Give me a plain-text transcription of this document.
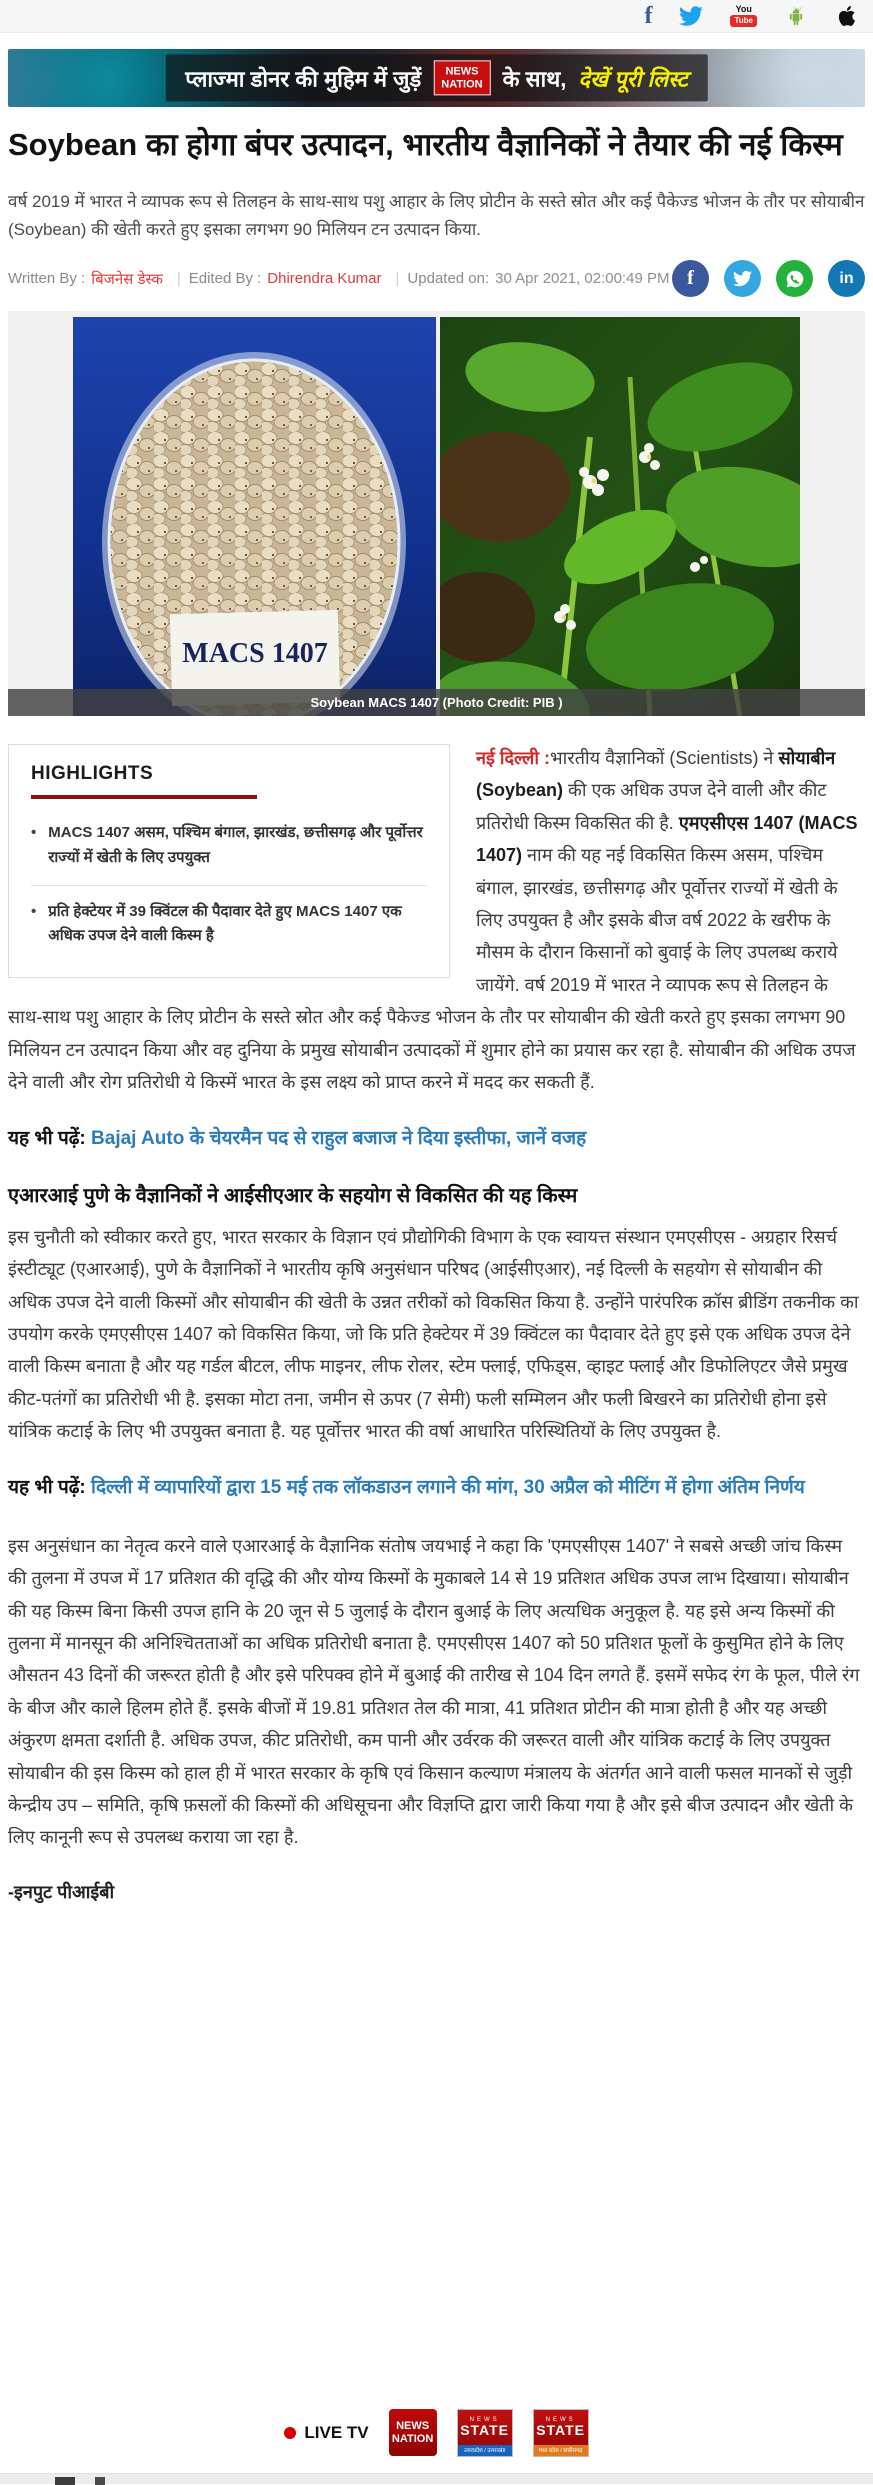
f	You
Tube
प्लाज्मा डोनर की मुहिम में जुड़ें	NEWS
NATION के साथ, देखें पूरी लिस्ट
Soybean का होगा बंपर उत्पादन, भारतीय वैज्ञानिकों ने तैयार की नई किस्म

वर्ष 2019 में भारत ने व्यापक रूप से तिलहन के साथ-साथ पशु आहार के लिए प्रोटीन के सस्ते स्रोत और कई पैकेज्ड भोजन के तौर पर सोयाबीन (Soybean) की खेती करते हुए इसका लगभग 90 मिलियन टन उत्पादन किया.

Written By : बिजनेस डेस्क | Edited By : Dhirendra Kumar | Updated on: 30 Apr 2021, 02:00:49 PM f	in
MACS 1407
Soybean MACS 1407 (Photo Credit: PIB )
HIGHLIGHTS
• MACS 1407 असम, पश्चिम बंगाल, झारखंड, छत्तीसगढ़ और पूर्वोत्तर राज्यों में खेती के लिए उपयुक्त
• प्रति हेक्टेयर में 39 क्विंटल की पैदावार देते हुए MACS 1407 एक अधिक उपज देने वाली किस्म है

नई दिल्ली :भारतीय वैज्ञानिकों (Scientists) ने सोयाबीन (Soybean) की एक अधिक उपज देने वाली और कीट प्रतिरोधी किस्म विकसित की है. एमएसीएस 1407 (MACS 1407) नाम की यह नई विकसित किस्म असम, पश्चिम बंगाल, झारखंड, छत्तीसगढ़ और पूर्वोत्तर राज्यों में खेती के लिए उपयुक्त है और इसके बीज वर्ष 2022 के खरीफ के मौसम के दौरान किसानों को बुवाई के लिए उपलब्ध कराये जायेंगे. वर्ष 2019 में भारत ने व्यापक रूप से तिलहन के साथ-साथ पशु आहार के लिए प्रोटीन के सस्ते स्रोत और कई पैकेज्ड भोजन के तौर पर सोयाबीन की खेती करते हुए इसका लगभग 90 मिलियन टन उत्पादन किया और वह दुनिया के प्रमुख सोयाबीन उत्पादकों में शुमार होने का प्रयास कर रहा है. सोयाबीन की अधिक उपज देने वाली और रोग प्रतिरोधी ये किस्में भारत के इस लक्ष्य को प्राप्त करने में मदद कर सकती हैं.

यह भी पढ़ें: Bajaj Auto के चेयरमैन पद से राहुल बजाज ने दिया इस्तीफा, जानें वजह

एआरआई पुणे के वैज्ञानिकों ने आईसीएआर के सहयोग से विकसित की यह किस्म

इस चुनौती को स्वीकार करते हुए, भारत सरकार के विज्ञान एवं प्रौद्योगिकी विभाग के एक स्वायत्त संस्थान एमएसीएस - अग्रहार रिसर्च इंस्टीट्यूट (एआरआई), पुणे के वैज्ञानिकों ने भारतीय कृषि अनुसंधान परिषद (आईसीएआर), नई दिल्ली के सहयोग से सोयाबीन की अधिक उपज देने वाली किस्मों और सोयाबीन की खेती के उन्नत तरीकों को विकसित किया है. उन्होंने पारंपरिक क्रॉस ब्रीडिंग तकनीक का उपयोग करके एमएसीएस 1407 को विकसित किया, जो कि प्रति हेक्टेयर में 39 क्विंटल का पैदावार देते हुए इसे एक अधिक उपज देने वाली किस्म बनाता है और यह गर्डल बीटल, लीफ माइनर, लीफ रोलर, स्टेम फ्लाई, एफिड्स, व्हाइट फ्लाई और डिफोलिएटर जैसे प्रमुख कीट-पतंगों का प्रतिरोधी भी है. इसका मोटा तना, जमीन से ऊपर (7 सेमी) फली सम्मिलन और फली बिखरने का प्रतिरोधी होना इसे यांत्रिक कटाई के लिए भी उपयुक्त बनाता है. यह पूर्वोत्तर भारत की वर्षा आधारित परिस्थितियों के लिए उपयुक्त है.

यह भी पढ़ें: दिल्ली में व्यापारियों द्वारा 15 मई तक लॉकडाउन लगाने की मांग, 30 अप्रैल को मीटिंग में होगा अंतिम निर्णय

इस अनुसंधान का नेतृत्व करने वाले एआरआई के वैज्ञानिक संतोष जयभाई ने कहा कि 'एमएसीएस 1407' ने सबसे अच्छी जांच किस्म की तुलना में उपज में 17 प्रतिशत की वृद्धि की और योग्य किस्मों के मुकाबले 14 से 19 प्रतिशत अधिक उपज लाभ दिखाया। सोयाबीन की यह किस्म बिना किसी उपज हानि के 20 जून से 5 जुलाई के दौरान बुआई के लिए अत्यधिक अनुकूल है. यह इसे अन्य किस्मों की तुलना में मानसून की अनिश्चितताओं का अधिक प्रतिरोधी बनाता है. एमएसीएस 1407 को 50 प्रतिशत फूलों के कुसुमित होने के लिए औसतन 43 दिनों की जरूरत होती है और इसे परिपक्व होने में बुआई की तारीख से 104 दिन लगते हैं. इसमें सफेद रंग के फूल, पीले रंग के बीज और काले हिलम होते हैं. इसके बीजों में 19.81 प्रतिशत तेल की मात्रा, 41 प्रतिशत प्रोटीन की मात्रा होती है और यह अच्छी अंकुरण क्षमता दर्शाती है. अधिक उपज, कीट प्रतिरोधी, कम पानी और उर्वरक की जरूरत वाली और यांत्रिक कटाई के लिए उपयुक्त सोयाबीन की इस किस्म को हाल ही में भारत सरकार के कृषि एवं किसान कल्याण मंत्रालय के अंतर्गत आने वाली फसल मानकों से जुड़ी केन्द्रीय उप – समिति, कृषि फ़सलों की किस्मों की अधिसूचना और विज्ञप्ति द्वारा जारी किया गया है और इसे बीज उत्पादन और खेती के लिए कानूनी रूप से उपलब्ध कराया जा रहा है.

-इनपुट पीआईबी

LIVE TV	NEWS
NATION
NEWS
STATE
उत्तरप्रदेश / उत्तराखंड
NEWS
STATE
मध्य प्रदेश / छत्तीसगढ़
